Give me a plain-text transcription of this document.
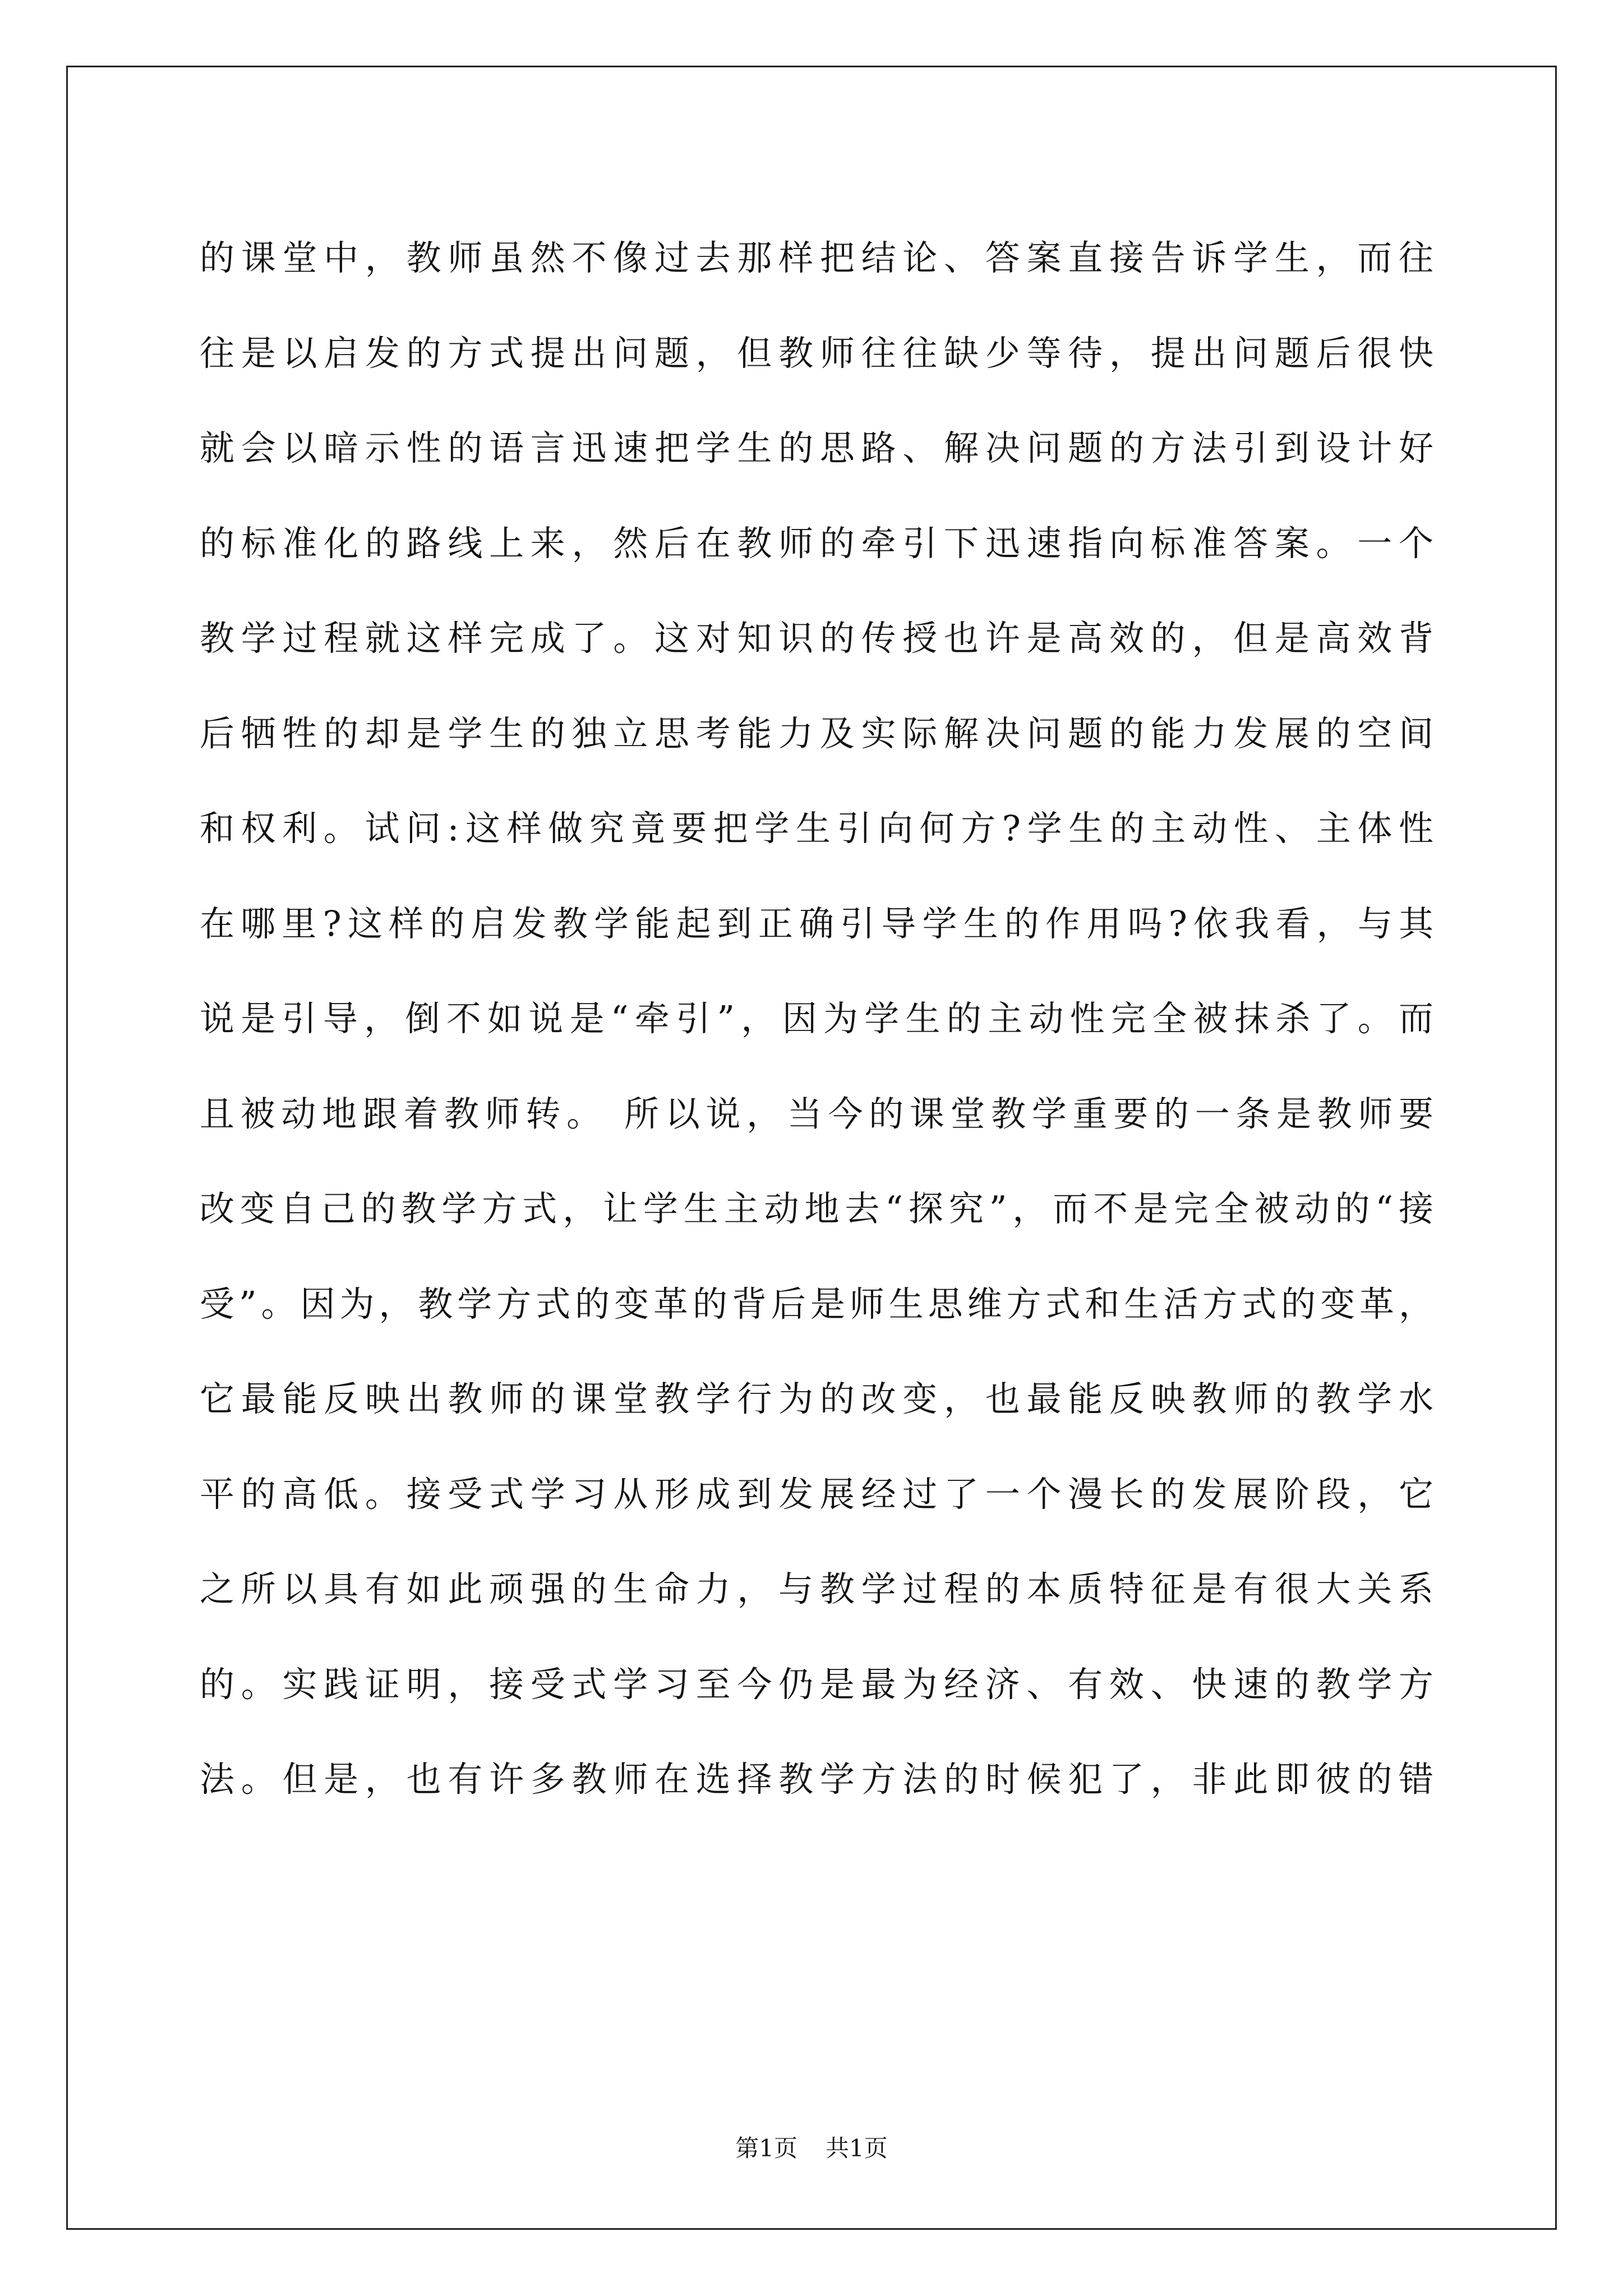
的课堂中，教师虽然不像过去那样把结论、答案直接告诉学生，而往
往是以启发的方式提出问题，但教师往往缺少等待，提出问题后很快
就会以暗示性的语言迅速把学生的思路、解决问题的方法引到设计好
的标准化的路线上来，然后在教师的牵引下迅速指向标准答案。一个
教学过程就这样完成了。这对知识的传授也许是高效的，但是高效背
后牺牲的却是学生的独立思考能力及实际解决问题的能力发展的空间
和权利。试问:这样做究竟要把学生引向何方?学生的主动性、主体性
在哪里?这样的启发教学能起到正确引导学生的作用吗?依我看，与其
说是引导，倒不如说是“牵引”，因为学生的主动性完全被抹杀了。而
且被动地跟着教师转。 所以说，当今的课堂教学重要的一条是教师要
改变自己的教学方式，让学生主动地去“探究”，而不是完全被动的“接
受”。因为，教学方式的变革的背后是师生思维方式和生活方式的变革，
它最能反映出教师的课堂教学行为的改变，也最能反映教师的教学水
平的高低。接受式学习从形成到发展经过了一个漫长的发展阶段，它
之所以具有如此顽强的生命力，与教学过程的本质特征是有很大关系
的。实践证明，接受式学习至今仍是最为经济、有效、快速的教学方
法。但是，也有许多教师在选择教学方法的时候犯了，非此即彼的错
第1页 共1页
